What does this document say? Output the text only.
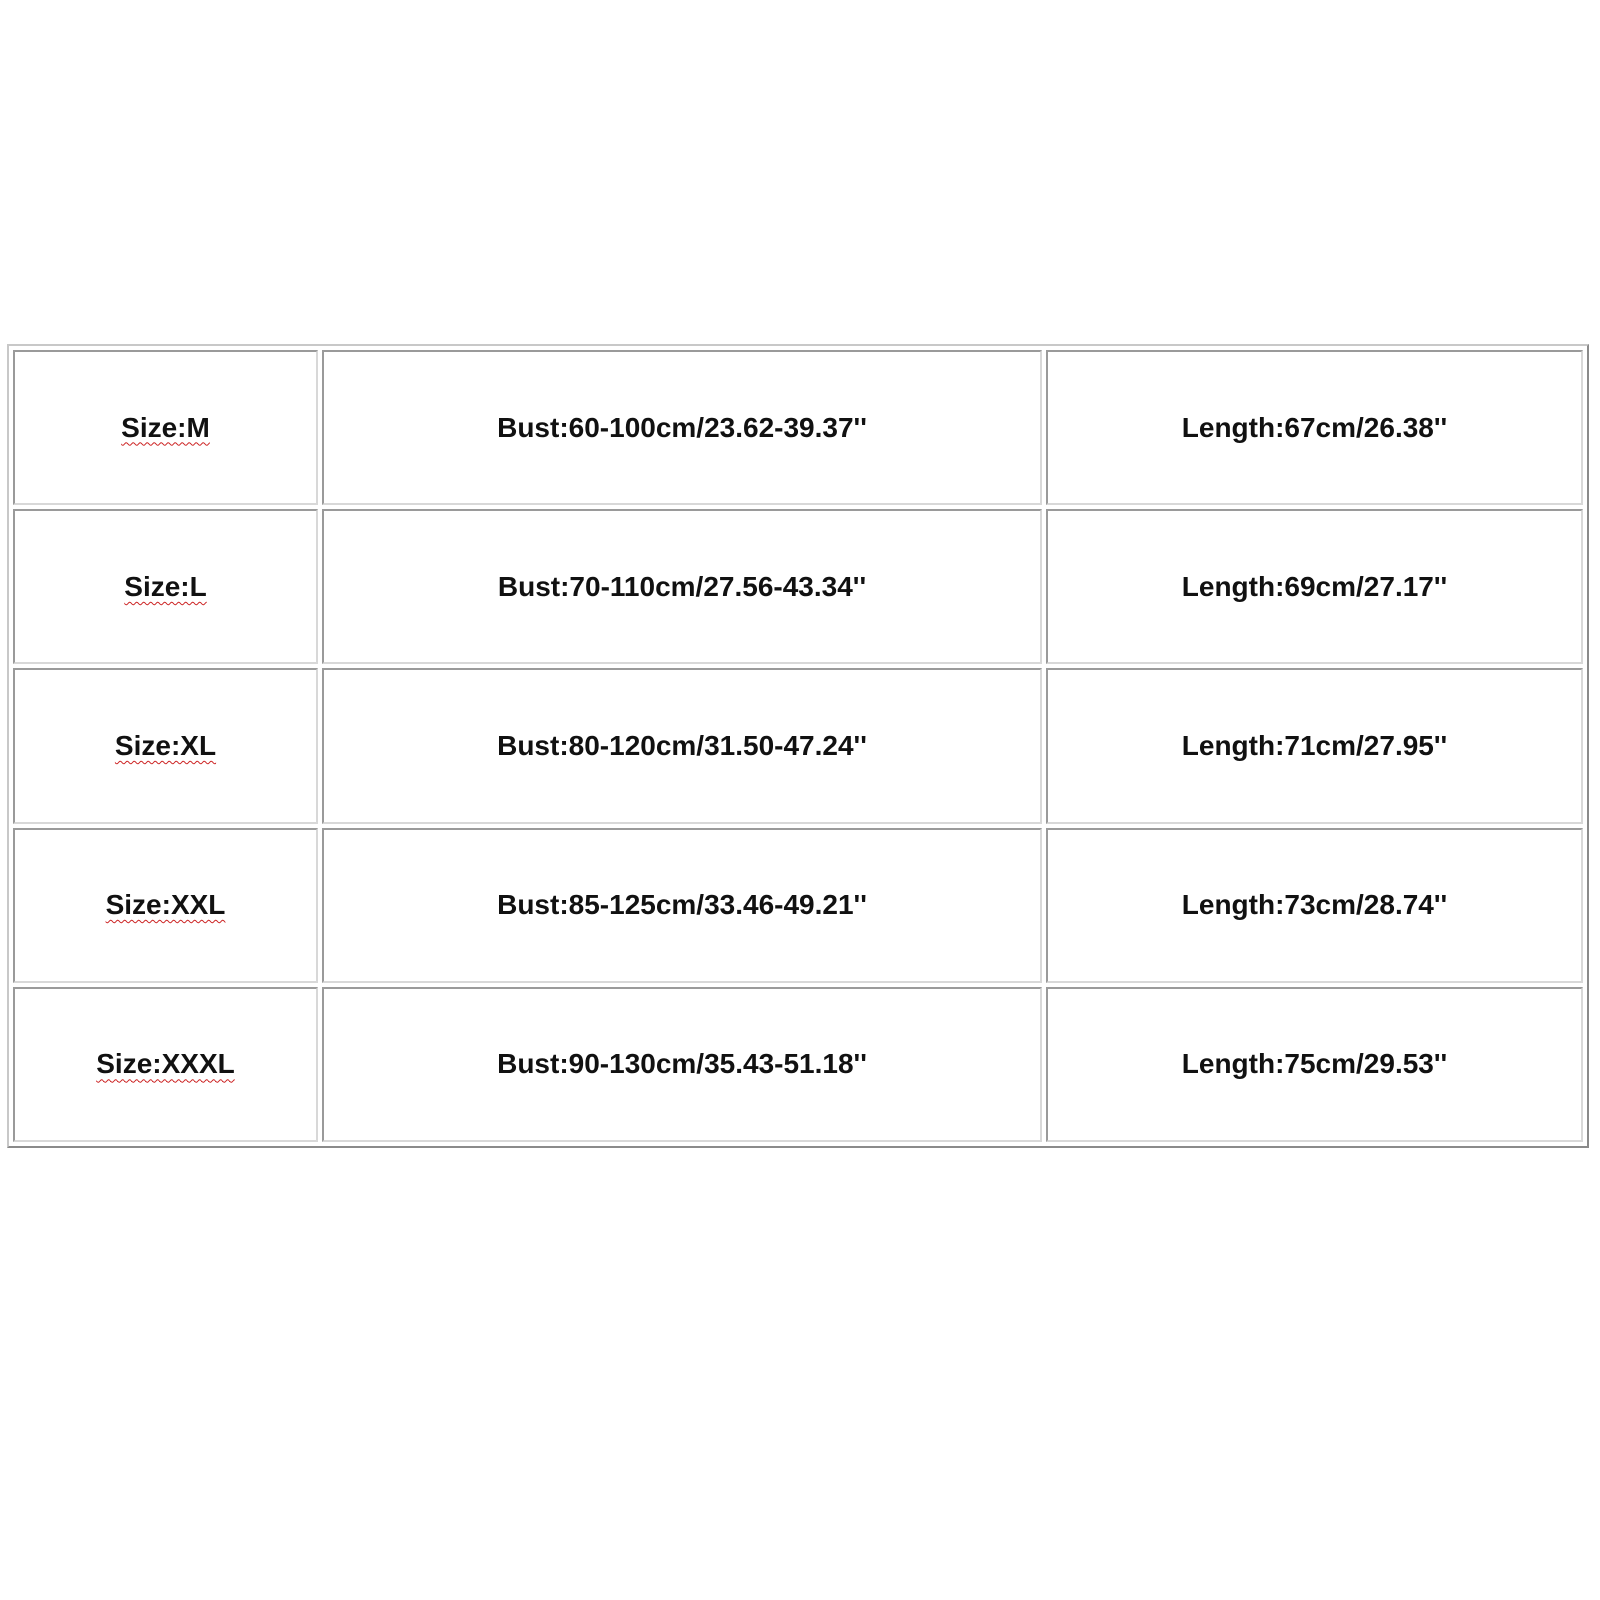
Size:M	Bust:60-100cm/23.62-39.37''	Length:67cm/26.38''
Size:L	Bust:70-110cm/27.56-43.34''	Length:69cm/27.17''
Size:XL	Bust:80-120cm/31.50-47.24''	Length:71cm/27.95''
Size:XXL	Bust:85-125cm/33.46-49.21''	Length:73cm/28.74''
Size:XXXL	Bust:90-130cm/35.43-51.18''	Length:75cm/29.53''
